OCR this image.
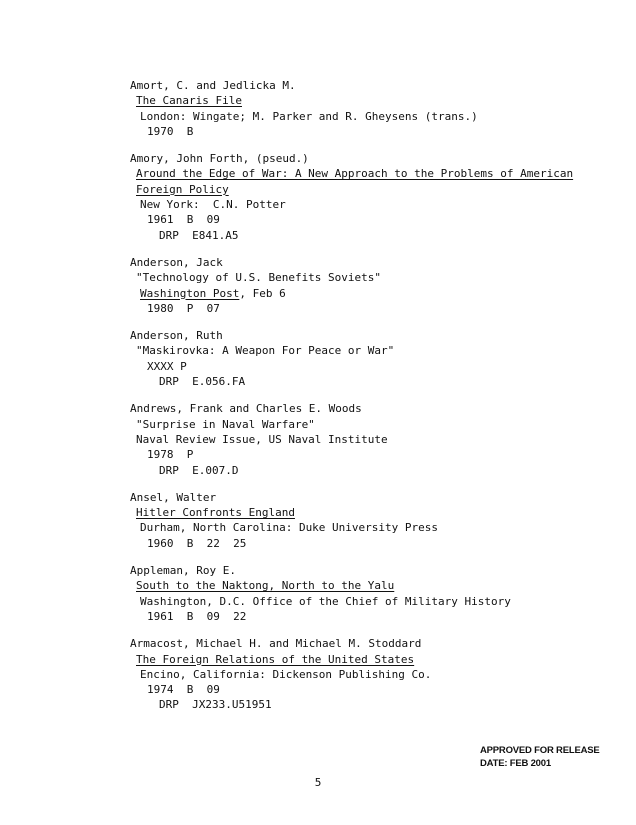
Amort, C. and Jedlicka M.
The Canaris File
London: Wingate; M. Parker and R. Gheysens (trans.)
1970  B
Amory, John Forth, (pseud.)
Around the Edge of War: A New Approach to the Problems of American
Foreign Policy
New York:  C.N. Potter
1961  B  09
DRP  E841.A5
Anderson, Jack
"Technology of U.S. Benefits Soviets"
Washington Post, Feb 6
1980  P  07
Anderson, Ruth
"Maskirovka: A Weapon For Peace or War"
XXXX P
DRP  E.056.FA
Andrews, Frank and Charles E. Woods
"Surprise in Naval Warfare"
Naval Review Issue, US Naval Institute
1978  P
DRP  E.007.D
Ansel, Walter
Hitler Confronts England
Durham, North Carolina: Duke University Press
1960  B  22  25
Appleman, Roy E.
South to the Naktong, North to the Yalu
Washington, D.C. Office of the Chief of Military History
1961  B  09  22
Armacost, Michael H. and Michael M. Stoddard
The Foreign Relations of the United States
Encino, California: Dickenson Publishing Co.
1974  B  09
DRP  JX233.U51951
APPROVED FOR RELEASE
DATE: FEB 2001
5
